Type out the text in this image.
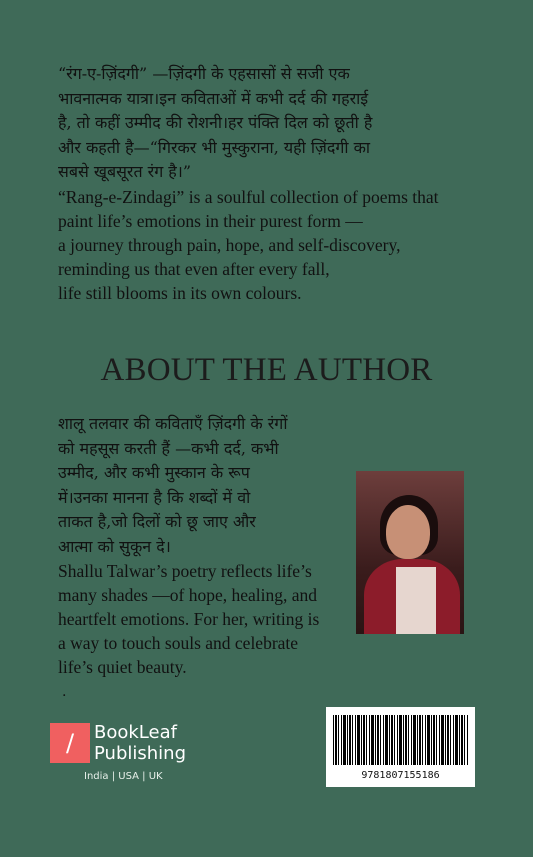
“रंग-ए-ज़िंदगी” —ज़िंदगी के एहसासों से सजी एक

भावनात्मक यात्रा।इन कविताओं में कभी दर्द की गहराई

है, तो कहीं उम्मीद की रोशनी।हर पंक्ति दिल को छूती है

और कहती है—“गिरकर भी मुस्कुराना, यही ज़िंदगी का

सबसे खूबसूरत रंग है।”

“Rang-e-Zindagi” is a soulful collection of poems that

paint life’s emotions in their purest form —

a journey through pain, hope, and self-discovery,

reminding us that even after every fall,

life still blooms in its own colours.

ABOUT THE AUTHOR

शालू तलवार की कविताएँ ज़िंदगी के रंगों

को महसूस करती हैं —कभी दर्द, कभी

उम्मीद, और कभी मुस्कान के रूप

में।उनका मानना है कि शब्दों में वो

ताकत है,जो दिलों को छू जाए और

आत्मा को सुकून दे।

Shallu Talwar’s poetry reflects life’s

many shades —of hope, healing, and

heartfelt emotions. For her, writing is

a way to touch souls and celebrate

life’s quiet beauty.

.
/	BookLeaf
Publishing
India | USA | UK	9781807155186
